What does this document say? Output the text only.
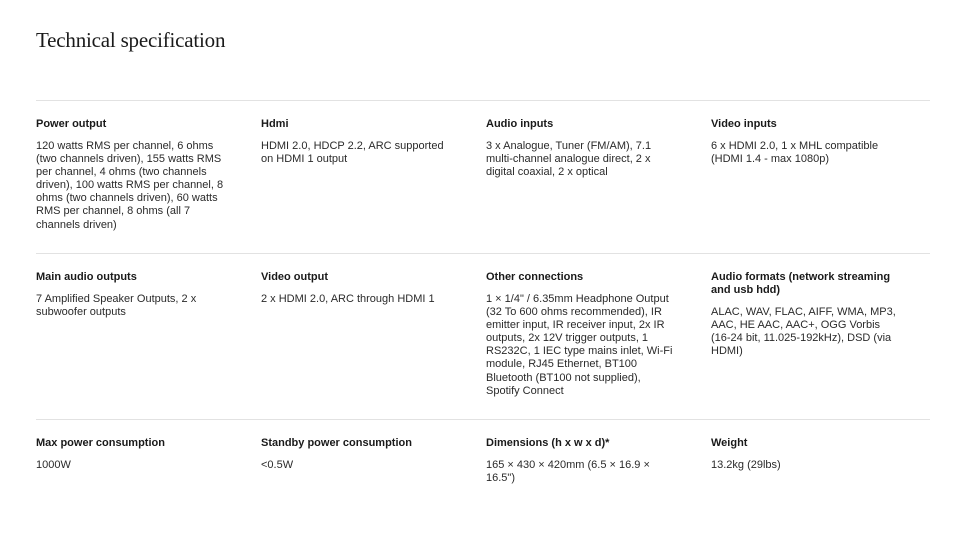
Technical specification

Power output

120 watts RMS per channel, 6 ohms (two channels driven), 155 watts RMS per channel, 4 ohms (two channels driven), 100 watts RMS per channel, 8 ohms (two channels driven), 60 watts RMS per channel, 8 ohms (all 7 channels driven)

Hdmi

HDMI 2.0, HDCP 2.2, ARC supported on HDMI 1 output

Audio inputs

3 x Analogue, Tuner (FM/AM), 7.1 multi-channel analogue direct, 2 x digital coaxial, 2 x optical

Video inputs

6 x HDMI 2.0, 1 x MHL compatible (HDMI 1.4 - max 1080p)

Main audio outputs

7 Amplified Speaker Outputs, 2 x subwoofer outputs

Video output

2 x HDMI 2.0, ARC through HDMI 1

Other connections

1 × 1/4" / 6.35mm Headphone Output (32 To 600 ohms recommended), IR emitter input, IR receiver input, 2x IR outputs, 2x 12V trigger outputs, 1 RS232C, 1 IEC type mains inlet, Wi-Fi module, RJ45 Ethernet, BT100 Bluetooth (BT100 not supplied), Spotify Connect

Audio formats (network streaming and usb hdd)

ALAC, WAV, FLAC, AIFF, WMA, MP3, AAC, HE AAC, AAC+, OGG Vorbis (16-24 bit, 11.025-192kHz), DSD (via HDMI)

Max power consumption

1000W

Standby power consumption

<0.5W

Dimensions (h x w x d)*

165 × 430 × 420mm (6.5 × 16.9 × 16.5")

Weight

13.2kg (29lbs)
